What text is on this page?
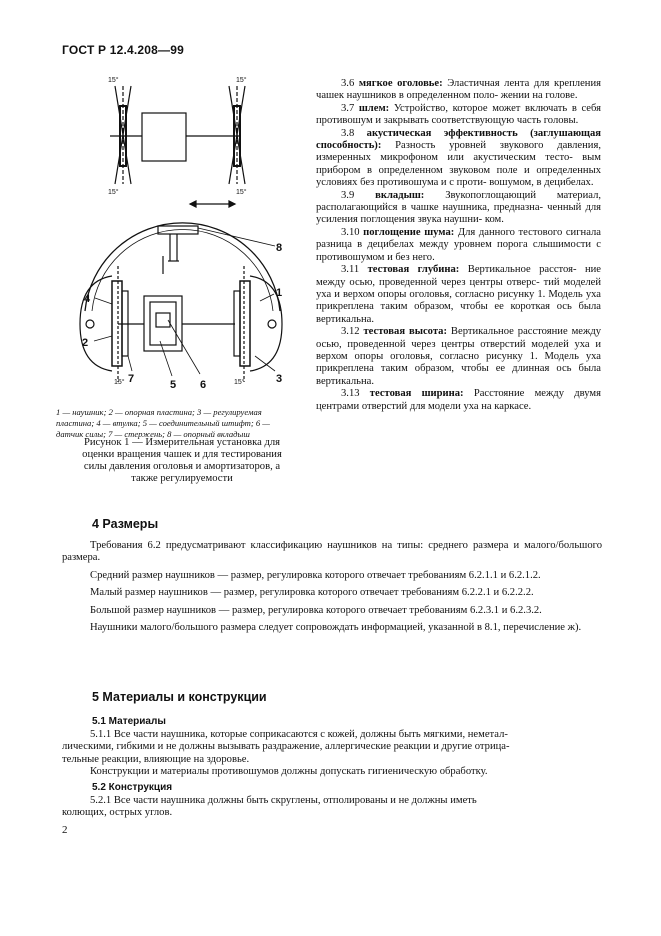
ГОСТ Р 12.4.208—99
15°	15°
15°	15°
15°	15°
1
2
3
4
5 6
7
8
1 — наушник; 2 — опорная пластина; 3 — регулируемая
пластина; 4 — втулка; 5 — соединительный штифт; 6 —
датчик силы; 7 — стержень; 8 — опорный вкладыш
Рисунок 1 — Измерительная установка для
оценки вращения чашек и для тестирования
силы давления оголовья и амортизаторов, а
также регулируемости

3.6 мягкое оголовье: Эластичная лента для крепления чашек наушников в определенном поло- жении на голове.

3.7 шлем: Устройство, которое может включать в себя противошум и закрывать соответствующую часть головы.

3.8 акустическая эффективность (заглушающая способность): Разность уровней звукового давления, измеренных микрофоном или акустическим тесто- вым прибором в определенном звуковом поле и определенных условиях без противошума и с проти- вошумом, в децибелах.

3.9 вкладыш: Звукопоглощающий материал, располагающийся в чашке наушника, предназна- ченный для усиления поглощения звука наушни- ком.

3.10 поглощение шума: Для данного тестового сигнала разница в децибелах между уровнем порога слышимости с противошумом и без него.

3.11 тестовая глубина: Вертикальное расстоя- ние между осью, проведенной через центры отверс- тий моделей уха и верхом опоры оголовья, согласно рисунку 1. Модель уха прикреплена таким образом, чтобы ее короткая ось была вертикальна.

3.12 тестовая высота: Вертикальное расстояние между осью, проведенной через центры отверстий моделей уха и верхом опоры оголовья, согласно рисунку 1. Модель уха прикреплена таким образом, чтобы ее длинная ось была вертикальна.

3.13 тестовая ширина: Расстояние между двумя центрами отверстий для модели уха на каркасе.

4 Размеры

Требования 6.2 предусматривают классификацию наушников на типы: среднего размера и малого/большого размера.

Средний размер наушников — размер, регулировка которого отвечает требованиям 6.2.1.1 и 6.2.1.2.

Малый размер наушников — размер, регулировка которого отвечает требованиям 6.2.2.1 и 6.2.2.2.

Большой размер наушников — размер, регулировка которого отвечает требованиям 6.2.3.1 и 6.2.3.2.

Наушники малого/большого размера следует сопровождать информацией, указанной в 8.1, перечисление ж).

5 Материалы и конструкции
5.1 Материалы

5.1.1 Все части наушника, которые соприкасаются с кожей, должны быть мягкими, неметал-

лическими, гибкими и не должны вызывать раздражение, аллергические реакции и другие отрица-

тельные реакции, влияющие на здоровье.

Конструкции и материалы противошумов должны допускать гигиеническую обработку.

5.2 Конструкция

5.2.1 Все части наушника должны быть скруглены, отполированы и не должны иметь

колющих, острых углов.

2
